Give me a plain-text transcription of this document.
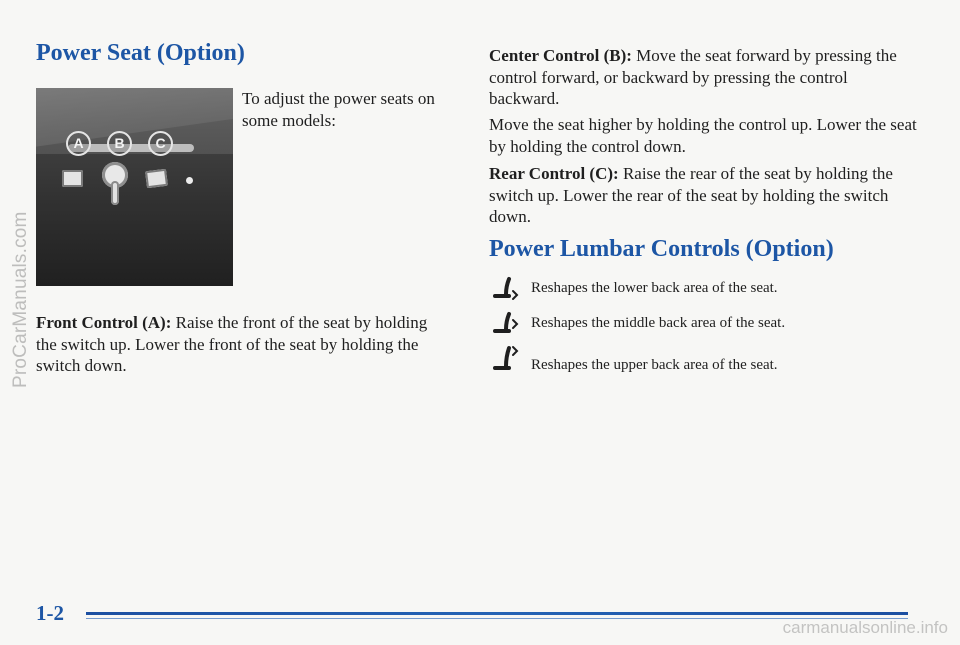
Power Seat (Option)
A	B	C

To adjust the power seats on some models:

Front Control (A): Raise the front of the seat by holding the switch up. Lower the front of the seat by holding the switch down.

Center Control (B): Move the seat forward by pressing the control forward, or backward by pressing the control backward.

Move the seat higher by holding the control up. Lower the seat by holding the control down.

Rear Control (C): Raise the rear of the seat by holding the switch up. Lower the rear of the seat by holding the switch down.

Power Lumbar Controls (Option)
Reshapes the lower back area of the seat.
Reshapes the middle back area of the seat.
Reshapes the upper back area of the seat.
ProCarManuals.com
1-2
carmanualsonline.info
